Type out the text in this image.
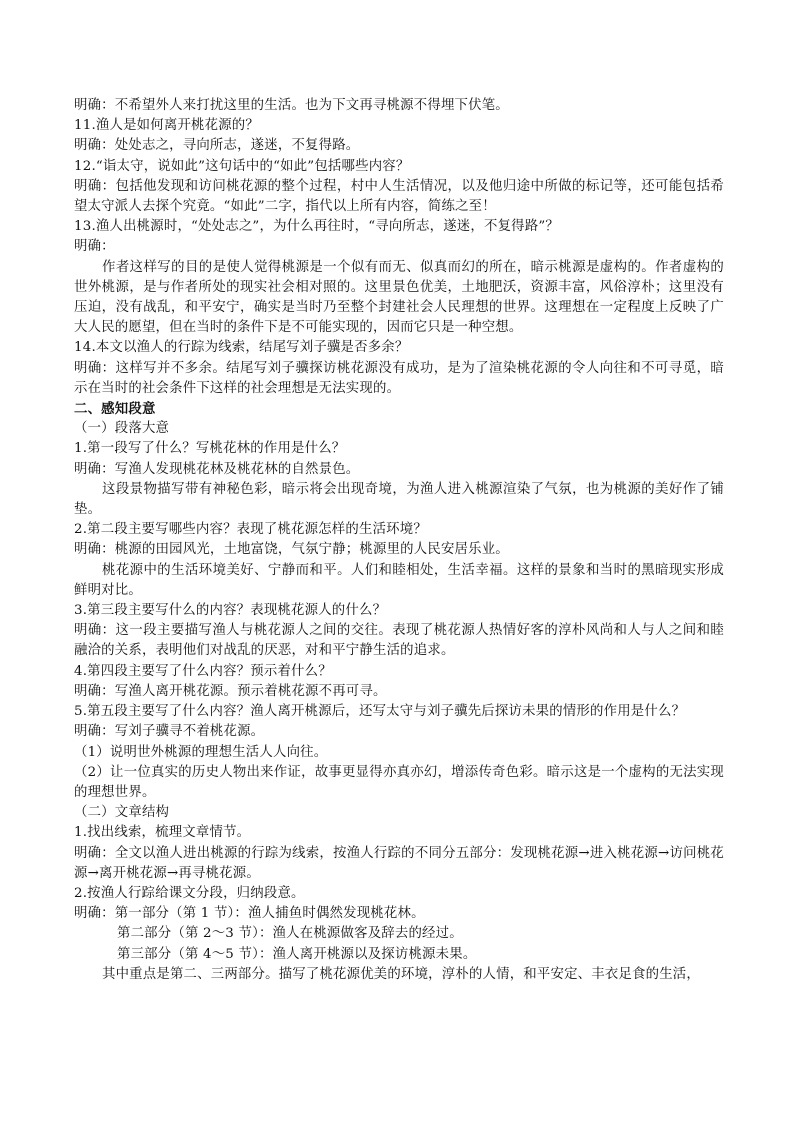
明确：不希望外人来打扰这里的生活。也为下文再寻桃源不得埋下伏笔。

11.渔人是如何离开桃花源的？

明确：处处志之，寻向所志，遂迷，不复得路。

12.“诣太守，说如此”这句话中的“如此”包括哪些内容？

明确：包括他发现和访问桃花源的整个过程，村中人生活情况，以及他归途中所做的标记等，还可能包括希望太守派人去探个究竟。“如此”二字，指代以上所有内容，简练之至！

13.渔人出桃源时，“处处志之”，为什么再往时，“寻向所志，遂迷，不复得路”？

明确：

作者这样写的目的是使人觉得桃源是一个似有而无、似真而幻的所在，暗示桃源是虚构的。作者虚构的世外桃源，是与作者所处的现实社会相对照的。这里景色优美，土地肥沃，资源丰富，风俗淳朴；这里没有压迫，没有战乱，和平安宁，确实是当时乃至整个封建社会人民理想的世界。这理想在一定程度上反映了广大人民的愿望，但在当时的条件下是不可能实现的，因而它只是一种空想。

14.本文以渔人的行踪为线索，结尾写刘子骥是否多余？

明确：这样写并不多余。结尾写刘子骥探访桃花源没有成功，是为了渲染桃花源的令人向往和不可寻觅，暗示在当时的社会条件下这样的社会理想是无法实现的。

二、感知段意

（一）段落大意

1.第一段写了什么？写桃花林的作用是什么？

明确：写渔人发现桃花林及桃花林的自然景色。

这段景物描写带有神秘色彩，暗示将会出现奇境，为渔人进入桃源渲染了气氛，也为桃源的美好作了铺垫。

2.第二段主要写哪些内容？表现了桃花源怎样的生活环境？

明确：桃源的田园风光，土地富饶，气氛宁静；桃源里的人民安居乐业。

桃花源中的生活环境美好、宁静而和平。人们和睦相处，生活幸福。这样的景象和当时的黑暗现实形成鲜明对比。

3.第三段主要写什么的内容？表现桃花源人的什么？

明确：这一段主要描写渔人与桃花源人之间的交往。表现了桃花源人热情好客的淳朴风尚和人与人之间和睦融洽的关系，表明他们对战乱的厌恶，对和平宁静生活的追求。

4.第四段主要写了什么内容？预示着什么？

明确：写渔人离开桃花源。预示着桃花源不再可寻。

5.第五段主要写了什么内容？渔人离开桃源后，还写太守与刘子骥先后探访未果的情形的作用是什么？

明确：写刘子骥寻不着桃花源。

（1）说明世外桃源的理想生活人人向往。

（2）让一位真实的历史人物出来作证，故事更显得亦真亦幻，增添传奇色彩。暗示这是一个虚构的无法实现的理想世界。

（二）文章结构

1.找出线索，梳理文章情节。

明确：全文以渔人进出桃源的行踪为线索，按渔人行踪的不同分五部分：发现桃花源→进入桃花源→访问桃花源→离开桃花源→再寻桃花源。

2.按渔人行踪给课文分段，归纳段意。

明确：第一部分（第 1 节）：渔人捕鱼时偶然发现桃花林。

第二部分（第 2～3 节）：渔人在桃源做客及辞去的经过。

第三部分（第 4～5 节）：渔人离开桃源以及探访桃源未果。

其中重点是第二、三两部分。描写了桃花源优美的环境，淳朴的人情，和平安定、丰衣足食的生活，
